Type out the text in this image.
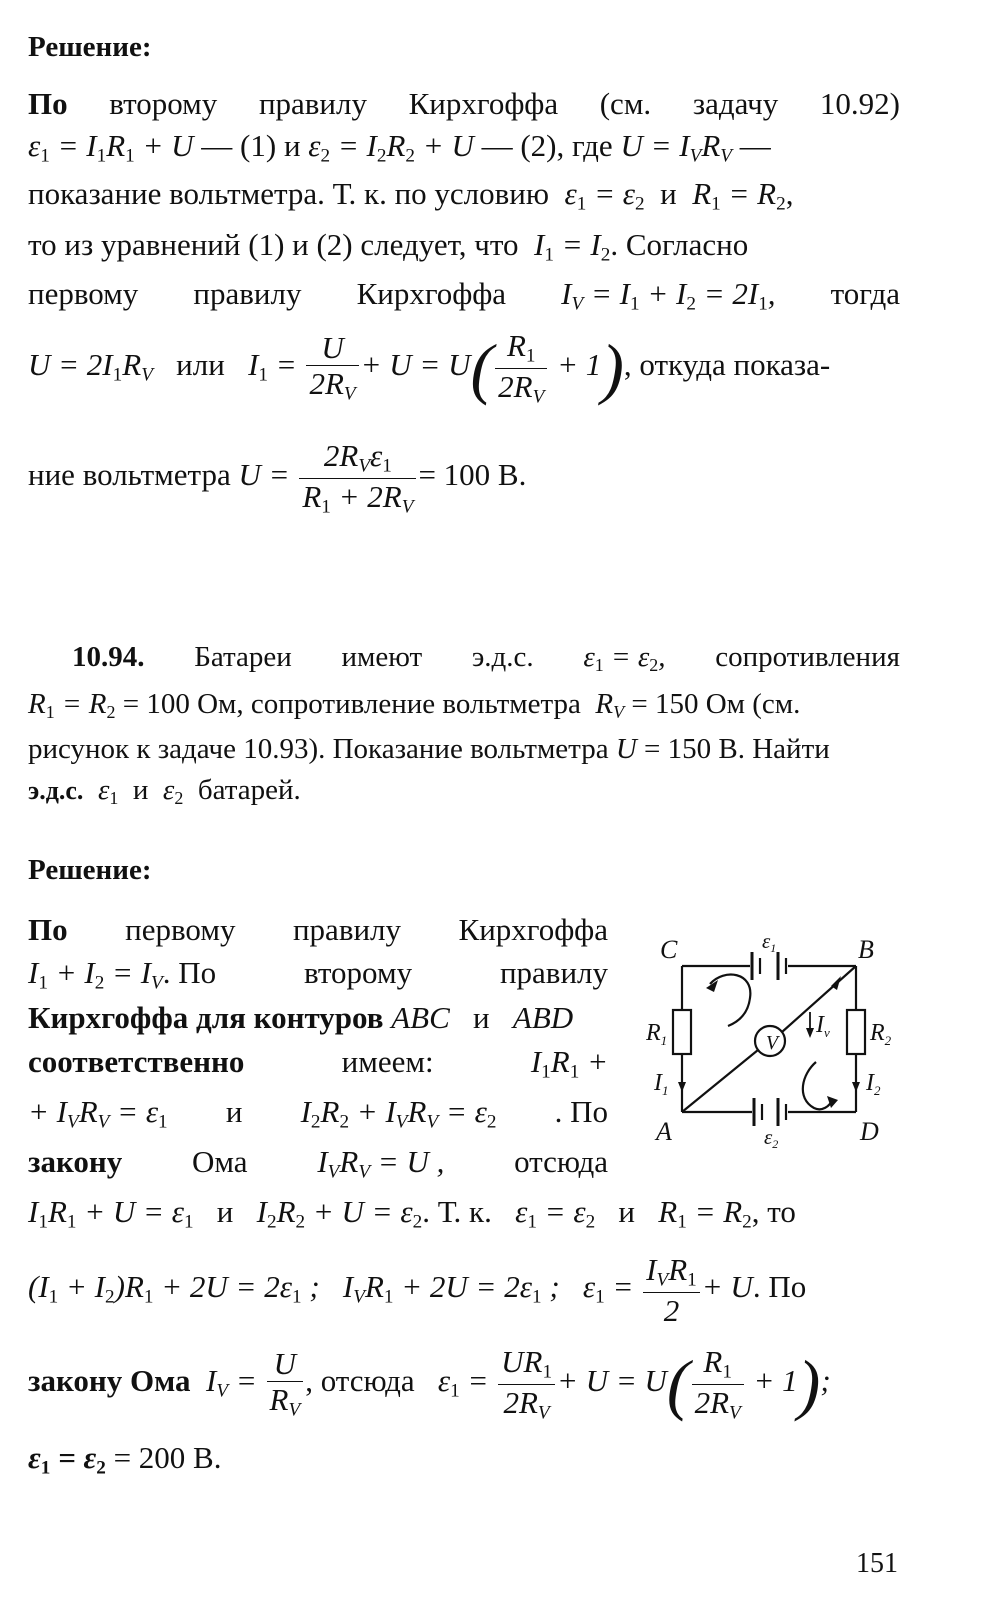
Решение:
По второму правилу Кирхгоффа (см. задачу 10.92)
$\varepsilon_1 = I_1R_1 + U$ — (1) и $\varepsilon_2 = I_2R_2 + U$ — (2), где $U = I_VR_V$ —
показание вольтметра. Т. к. по условию $\varepsilon_1 = \varepsilon_2$ и $R_1 = R_2$,
то из уравнений (1) и (2) следует, что $I_1 = I_2$. Согласно
первому правилу Кирхгоффа $I_V = I_1 + I_2 = 2I_1$, тогда
$U = 2I_1R_V$ или $I_1 = \frac{U}{2R_V} + U = U( \frac{R_1}{2R_V} + 1)$, откуда показа-
ние вольтметра $U = \frac{2R_V\varepsilon_1}{R_1 + 2R_V} = 100$ В.
10.94. Батареи имеют э.д.с. $\varepsilon_1 = \varepsilon_2$, сопротивления
$R_1 = R_2 = 100$ Ом, сопротивление вольтметра $R_V = 150$ Ом (см.
рисунок к задаче 10.93). Показание вольтметра U = 150 В. Найти
э.д.с. $\varepsilon_1$ и $\varepsilon_2$ батарей.
Решение:
По первому правилу Кирхгоффа
$I_1 + I_2 = I_V$. По	второму	правилу
Кирхгоффа для контуров ABC и ABD
соответственно	имеем:	$I_1R_1$ +
+ $I_VR_V = \varepsilon_1$ и $I_2R_2 + I_VR_V = \varepsilon_2$ . По
закону Ома $I_VR_V = U$ , отсюда
V
C	B
A	D
ε1
ε2
$R_1$	$R_2$
$I_1$	$I_2$
$I_v$
$I_1R_1 + U = \varepsilon_1$ и $I_2R_2 + U = \varepsilon_2$. Т. к. $\varepsilon_1 = \varepsilon_2$ и $R_1 = R_2$, то
$(I_1 + I_2)R_1 + 2U = 2\varepsilon_1$ ;   $I_VR_1 + 2U = 2\varepsilon_1$ ;   $\varepsilon_1 = \frac{I_VR_1}{2} + U$. По
закону Ома $I_V = \frac{U}{R_V}$ , отсюда $\varepsilon_1 = \frac{UR_1}{2R_V} + U = U( \frac{R_1}{2R_V} + 1)$;
$\varepsilon_1 = \varepsilon_2 = 200$ В.
151
